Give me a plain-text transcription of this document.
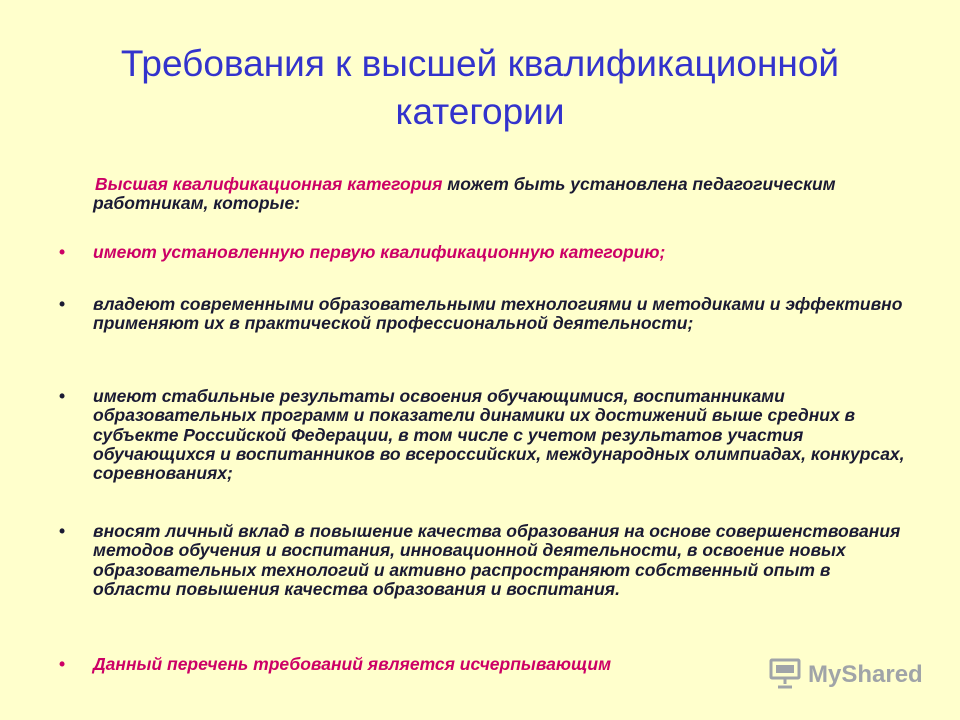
Требования к высшей квалификационной категории
Высшая квалификационная категория может быть установлена педагогическим работникам, которые:
• имеют установленную первую квалификационную категорию;
• владеют современными образовательными технологиями и методиками и эффективно применяют их в практической профессиональной деятельности;
• имеют стабильные результаты освоения обучающимися, воспитанниками образовательных программ и показатели динамики их достижений выше средних в субъекте Российской Федерации, в том числе с учетом результатов участия обучающихся и воспитанников во всероссийских, международных олимпиадах, конкурсах, соревнованиях;
• вносят личный вклад в повышение качества образования на основе совершенствования методов обучения и воспитания, инновационной деятельности, в освоение новых образовательных технологий и активно распространяют собственный опыт в области повышения качества образования и воспитания.
• Данный перечень требований является исчерпывающим	MyShared
